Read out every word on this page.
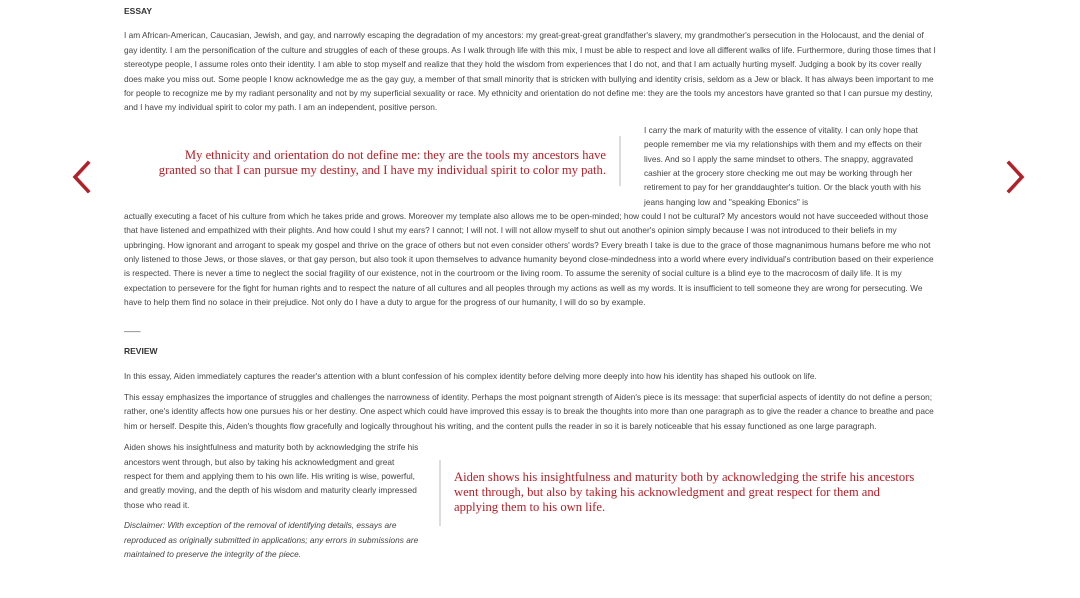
ESSAY

I am African-American, Caucasian, Jewish, and gay, and narrowly escaping the degradation of my ancestors: my great-great-great grandfather's slavery, my grandmother's persecution in the Holocaust, and the denial of gay identity. I am the personification of the culture and struggles of each of these groups. As I walk through life with this mix, I must be able to respect and love all different walks of life. Furthermore, during those times that I stereotype people, I assume roles onto their identity. I am able to stop myself and realize that they hold the wisdom from experiences that I do not, and that I am actually hurting myself. Judging a book by its cover really does make you miss out. Some people I know acknowledge me as the gay guy, a member of that small minority that is stricken with bullying and identity crisis, seldom as a Jew or black. It has always been important to me for people to recognize me by my radiant personality and not by my superficial sexuality or race. My ethnicity and orientation do not define me: they are the tools my ancestors have granted so that I can pursue my destiny, and I have my individual spirit to color my path. I am an independent, positive person.

My ethnicity and orientation do not define me: they are the tools my ancestors have granted so that I can pursue my destiny, and I have my individual spirit to color my path.

I carry the mark of maturity with the essence of vitality. I can only hope that people remember me via my relationships with them and my effects on their lives. And so I apply the same mindset to others. The snappy, aggravated cashier at the grocery store checking me out may be working through her retirement to pay for her granddaughter's tuition. Or the black youth with his jeans hanging low and "speaking Ebonics" is

actually executing a facet of his culture from which he takes pride and grows. Moreover my template also allows me to be open-minded; how could I not be cultural? My ancestors would not have succeeded without those that have listened and empathized with their plights. And how could I shut my ears? I cannot; I will not. I will not allow myself to shut out another's opinion simply because I was not introduced to their beliefs in my upbringing. How ignorant and arrogant to speak my gospel and thrive on the grace of others but not even consider others' words? Every breath I take is due to the grace of those magnanimous humans before me who not only listened to those Jews, or those slaves, or that gay person, but also took it upon themselves to advance humanity beyond close-mindedness into a world where every individual's contribution based on their experience is respected. There is never a time to neglect the social fragility of our existence, not in the courtroom or the living room. To assume the serenity of social culture is a blind eye to the macrocosm of daily life. It is my expectation to persevere for the fight for human rights and to respect the nature of all cultures and all peoples through my actions as well as my words. It is insufficient to tell someone they are wrong for persecuting. We have to help them find no solace in their prejudice. Not only do I have a duty to argue for the progress of our humanity, I will do so by example.

——
REVIEW

In this essay, Aiden immediately captures the reader's attention with a blunt confession of his complex identity before delving more deeply into how his identity has shaped his outlook on life.

This essay emphasizes the importance of struggles and challenges the narrowness of identity. Perhaps the most poignant strength of Aiden's piece is its message: that superficial aspects of identity do not define a person; rather, one's identity affects how one pursues his or her destiny. One aspect which could have improved this essay is to break the thoughts into more than one paragraph as to give the reader a chance to breathe and pace him or herself. Despite this, Aiden's thoughts flow gracefully and logically throughout his writing, and the content pulls the reader in so it is barely noticeable that his essay functioned as one large paragraph.

Aiden shows his insightfulness and maturity both by acknowledging the strife his ancestors went through, but also by taking his acknowledgment and great respect for them and applying them to his own life. His writing is wise, powerful, and greatly moving, and the depth of his wisdom and maturity clearly impressed those who read it.

Disclaimer: With exception of the removal of identifying details, essays are reproduced as originally submitted in applications; any errors in submissions are maintained to preserve the integrity of the piece.

Aiden shows his insightfulness and maturity both by acknowledging the strife his ancestors went through, but also by taking his acknowledgment and great respect for them and applying them to his own life.
